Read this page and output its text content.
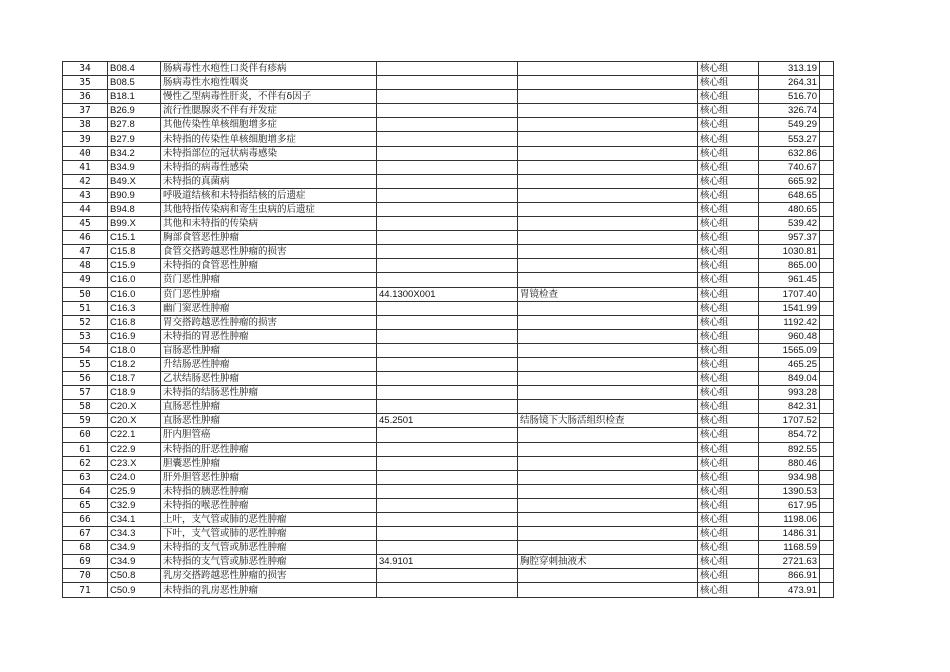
34	B08.4	肠病毒性水疱性口炎伴有疹病			核心组	313.19	
35	B08.5	肠病毒性水疱性咽炎			核心组	264.31	
36	B18.1	慢性乙型病毒性肝炎，不伴有δ因子			核心组	516.70	
37	B26.9	流行性腮腺炎不伴有并发症			核心组	326.74	
38	B27.8	其他传染性单核细胞增多症			核心组	549.29	
39	B27.9	未特指的传染性单核细胞增多症			核心组	553.27	
40	B34.2	未特指部位的冠状病毒感染			核心组	632.86	
41	B34.9	未特指的病毒性感染			核心组	740.67	
42	B49.X	未特指的真菌病			核心组	665.92	
43	B90.9	呼吸道结核和未特指结核的后遗症			核心组	648.65	
44	B94.8	其他特指传染病和寄生虫病的后遗症			核心组	480.65	
45	B99.X	其他和未特指的传染病			核心组	539.42	
46	C15.1	胸部食管恶性肿瘤			核心组	957.37	
47	C15.8	食管交搭跨越恶性肿瘤的损害			核心组	1030.81	
48	C15.9	未特指的食管恶性肿瘤			核心组	865.00	
49	C16.0	贲门恶性肿瘤			核心组	961.45	
50	C16.0	贲门恶性肿瘤	44.1300X001	胃镜检查	核心组	1707.40	
51	C16.3	幽门窦恶性肿瘤			核心组	1541.99	
52	C16.8	胃交搭跨越恶性肿瘤的损害			核心组	1192.42	
53	C16.9	未特指的胃恶性肿瘤			核心组	960.48	
54	C18.0	盲肠恶性肿瘤			核心组	1565.09	
55	C18.2	升结肠恶性肿瘤			核心组	465.25	
56	C18.7	乙状结肠恶性肿瘤			核心组	849.04	
57	C18.9	未特指的结肠恶性肿瘤			核心组	993.28	
58	C20.X	直肠恶性肿瘤			核心组	842.31	
59	C20.X	直肠恶性肿瘤	45.2501	结肠镜下大肠活组织检查	核心组	1707.52	
60	C22.1	肝内胆管癌			核心组	854.72	
61	C22.9	未特指的肝恶性肿瘤			核心组	892.55	
62	C23.X	胆囊恶性肿瘤			核心组	880.46	
63	C24.0	肝外胆管恶性肿瘤			核心组	934.98	
64	C25.9	未特指的胰恶性肿瘤			核心组	1390.53	
65	C32.9	未特指的喉恶性肿瘤			核心组	617.95	
66	C34.1	上叶，支气管或肺的恶性肿瘤			核心组	1198.06	
67	C34.3	下叶，支气管或肺的恶性肿瘤			核心组	1486.31	
68	C34.9	未特指的支气管或肺恶性肿瘤			核心组	1168.59	
69	C34.9	未特指的支气管或肺恶性肿瘤	34.9101	胸腔穿刺抽液术	核心组	2721.63	
70	C50.8	乳房交搭跨越恶性肿瘤的损害			核心组	866.91	
71	C50.9	未特指的乳房恶性肿瘤			核心组	473.91	
